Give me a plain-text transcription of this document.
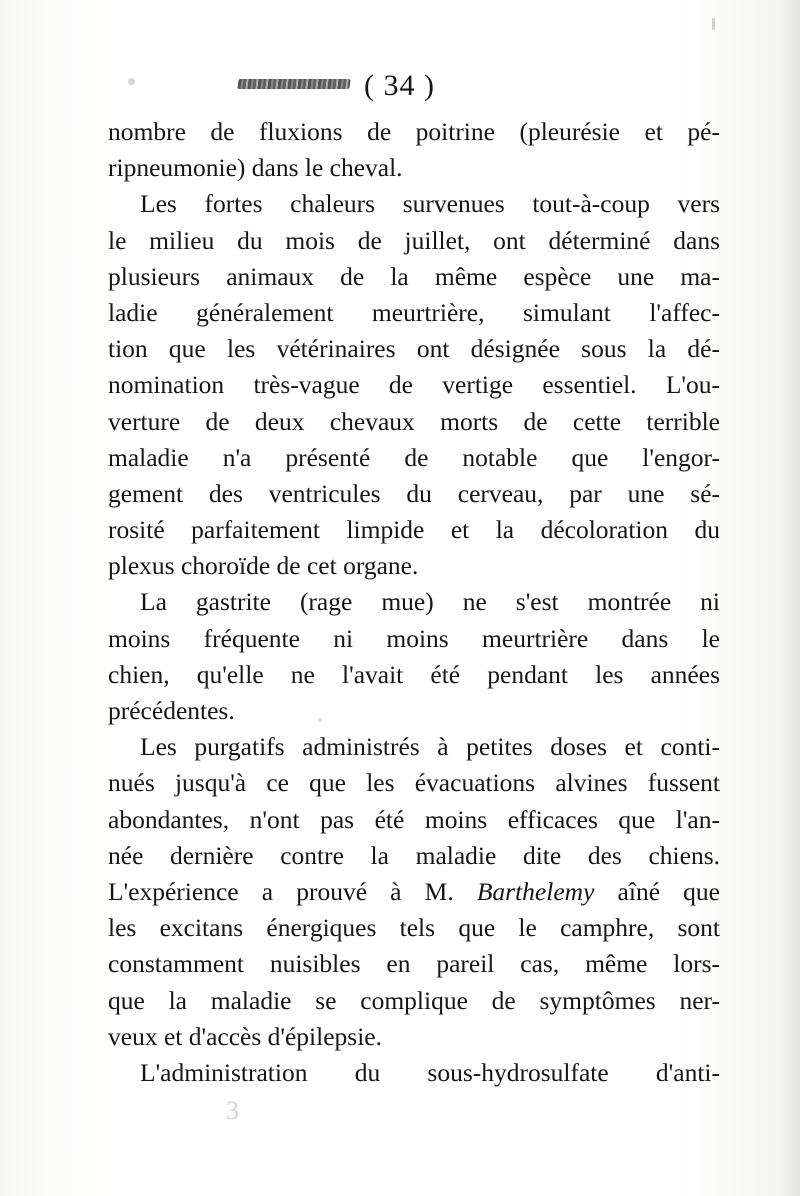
( 34 )
nombre de fluxions de poitrine (pleurésie et pé-
ripneumonie) dans le cheval.
Les fortes chaleurs survenues tout-à-coup vers
le milieu du mois de juillet, ont déterminé dans
plusieurs animaux de la même espèce une ma-
ladie généralement meurtrière, simulant l'affec-
tion que les vétérinaires ont désignée sous la dé-
nomination très-vague de vertige essentiel. L'ou-
verture de deux chevaux morts de cette terrible
maladie n'a présenté de notable que l'engor-
gement des ventricules du cerveau, par une sé-
rosité parfaitement limpide et la décoloration du
plexus choroïde de cet organe.
La gastrite (rage mue) ne s'est montrée ni
moins fréquente ni moins meurtrière dans le
chien, qu'elle ne l'avait été pendant les années
précédentes.
Les purgatifs administrés à petites doses et conti-
nués jusqu'à ce que les évacuations alvines fussent
abondantes, n'ont pas été moins efficaces que l'an-
née dernière contre la maladie dite des chiens.
L'expérience a prouvé à M. Barthelemy aîné que
les excitans énergiques tels que le camphre, sont
constamment nuisibles en pareil cas, même lors-
que la maladie se complique de symptômes ner-
veux et d'accès d'épilepsie.
L'administration du sous-hydrosulfate d'anti-
3
